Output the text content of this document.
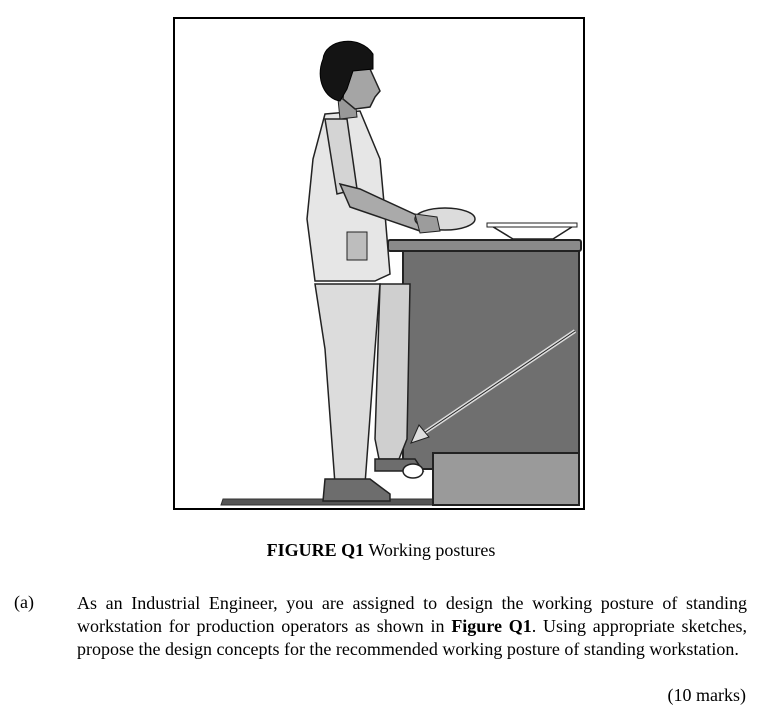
FIGURE Q1 Working postures
(a) As an Industrial Engineer, you are assigned to design the working posture of standing workstation for production operators as shown in Figure Q1. Using appropriate sketches, propose the design concepts for the recommended working posture of standing workstation.
(10 marks)
